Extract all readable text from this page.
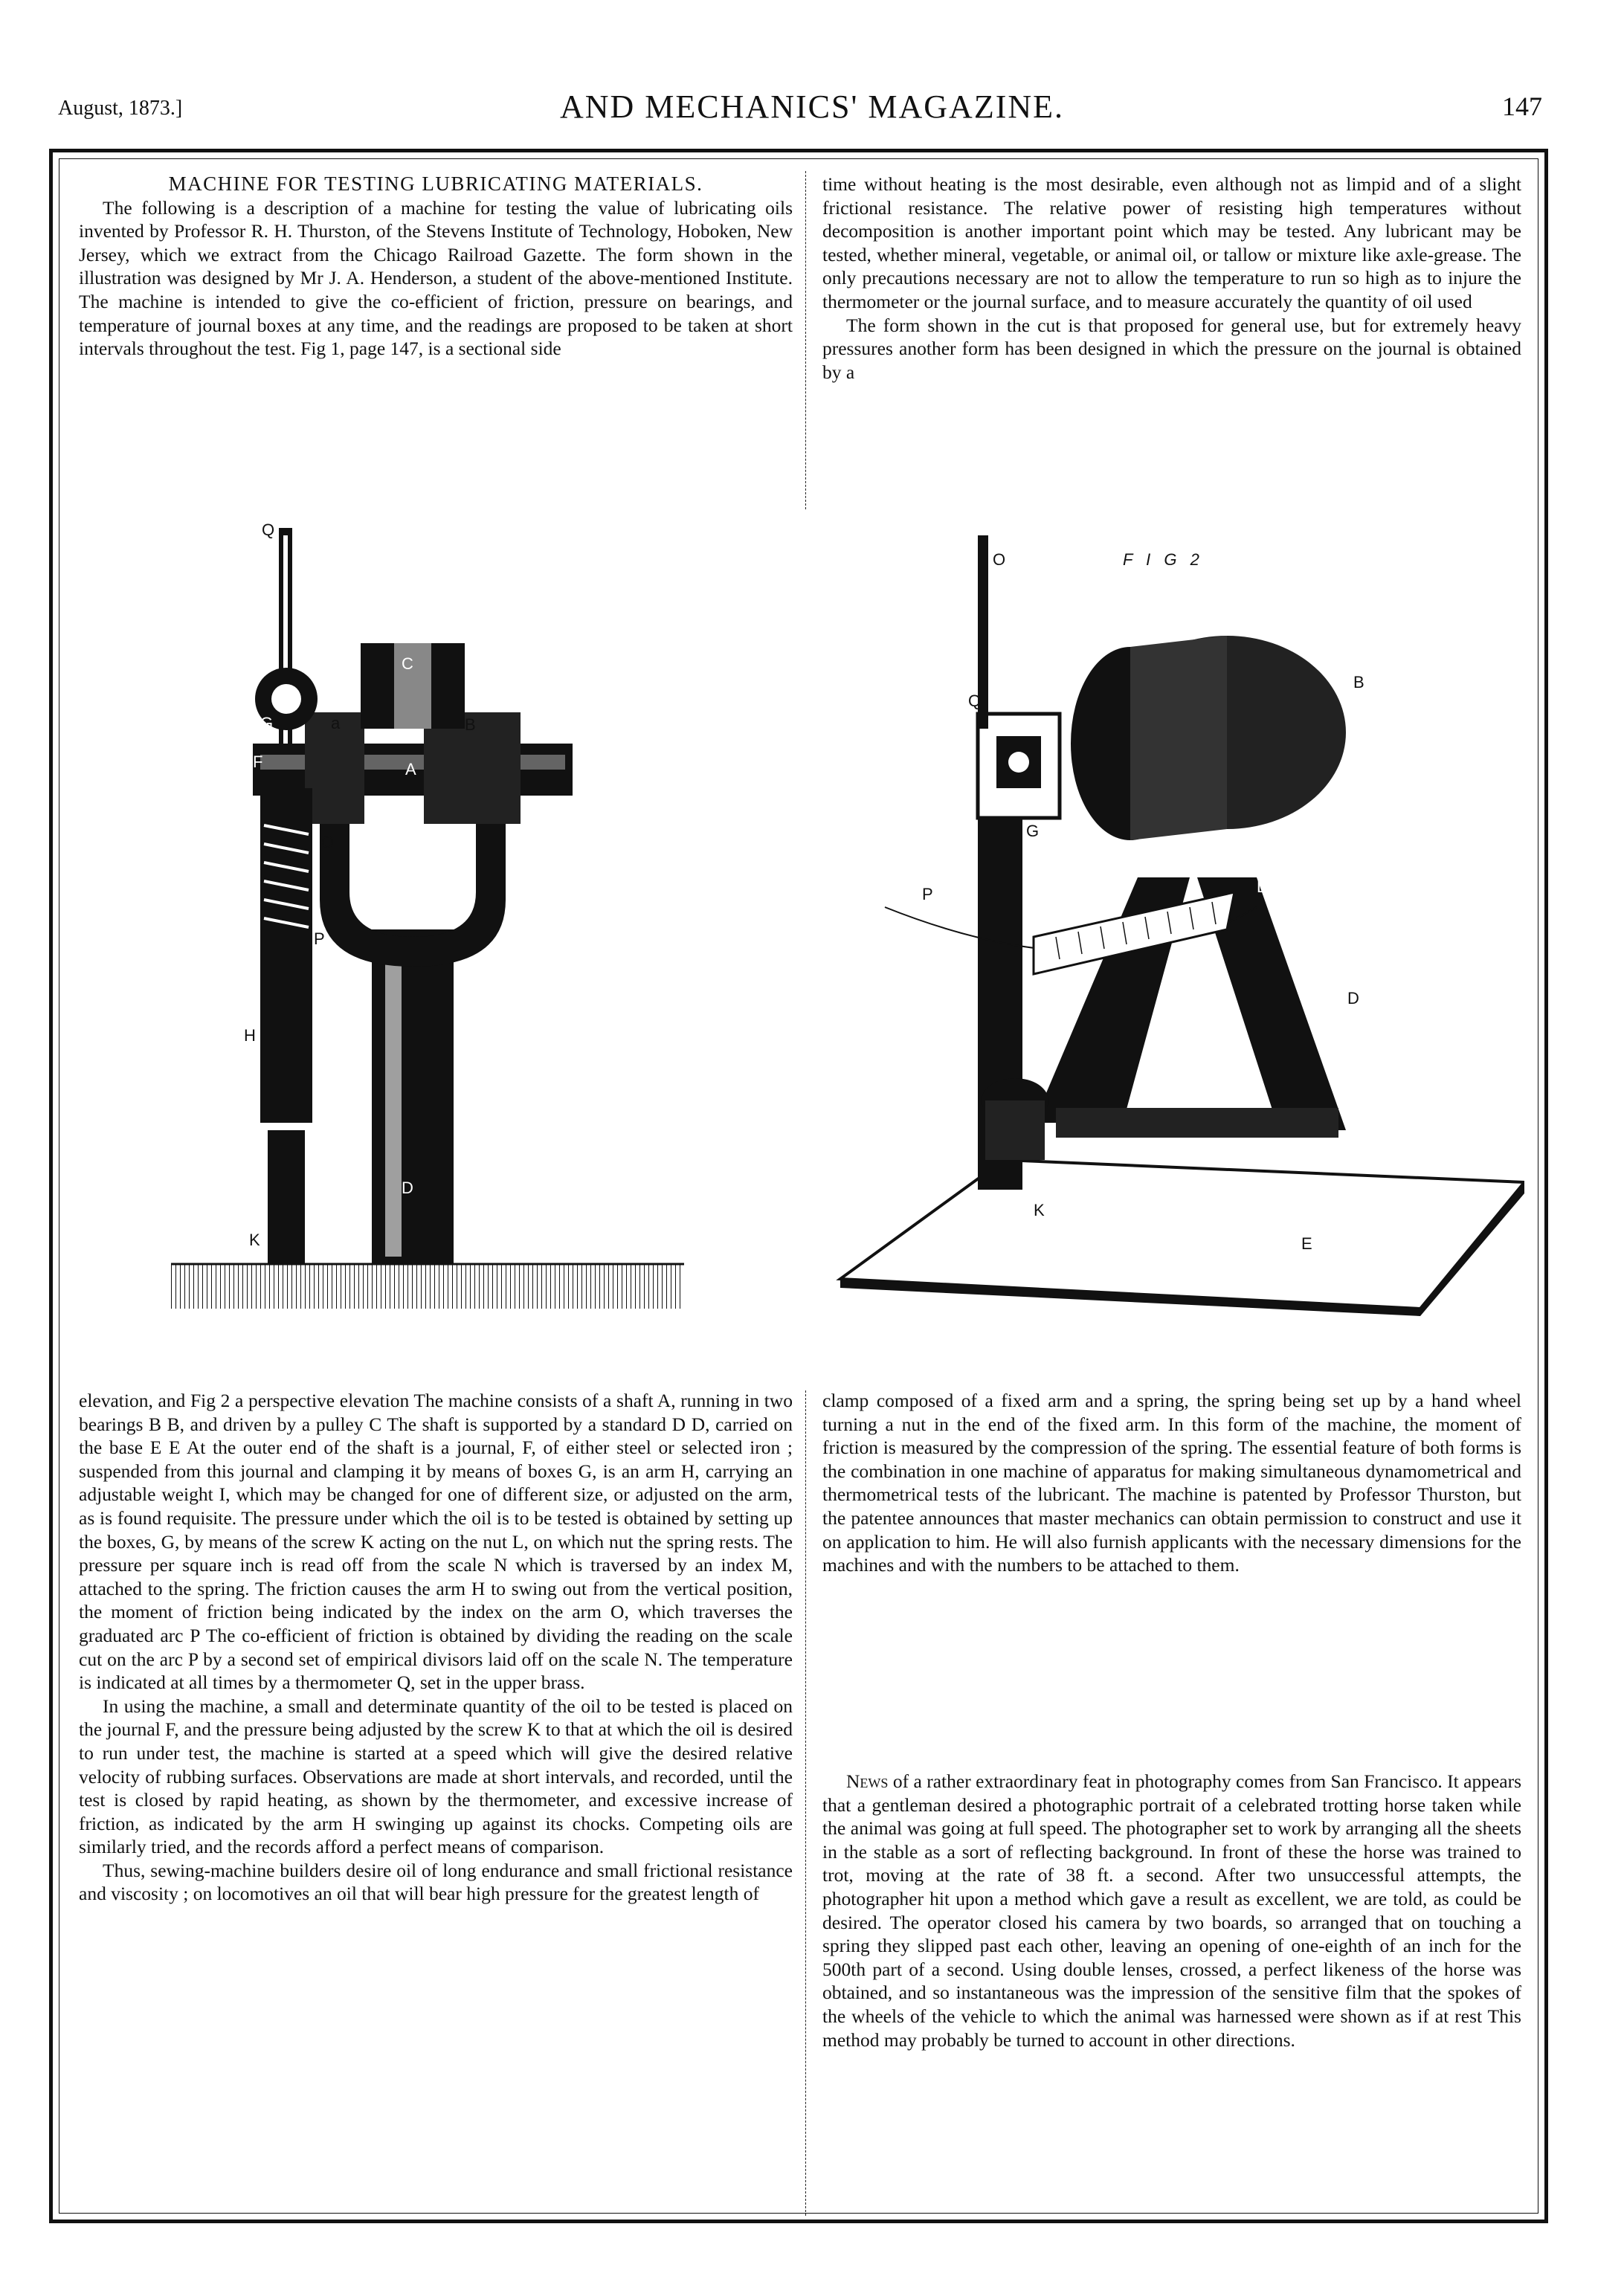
August, 1873.]	AND MECHANICS' MAGAZINE.	147

MACHINE FOR TESTING LUBRICATING MATERIALS.

The following is a description of a machine for testing the value of lubricating oils invented by Professor R. H. Thurston, of the Stevens Institute of Technology, Hoboken, New Jersey, which we extract from the Chicago Railroad Gazette. The form shown in the illustration was designed by Mr J. A. Henderson, a student of the above-mentioned Institute. The machine is intended to give the co-efficient of friction, pressure on bearings, and temperature of journal boxes at any time, and the readings are proposed to be taken at short intervals throughout the test. Fig 1, page 147, is a sectional side

time without heating is the most desirable, even although not as limpid and of a slight frictional resistance. The relative power of resisting high temperatures without decomposition is another important point which may be tested. Any lubricant may be tested, whether mineral, vegetable, or animal oil, or tallow or mixture like axle-grease. The only precautions necessary are not to allow the temperature to run so high as to injure the thermometer or the journal surface, and to measure accurately the quantity of oil used

The form shown in the cut is that proposed for general use, but for extremely heavy pressures another form has been designed in which the pressure on the journal is obtained by a

Q
C
G	a	B
F	A
O
P
H
D
K
F I G 2
Q
O
G
B
D
P
D
K
E

elevation, and Fig 2 a perspective elevation The machine consists of a shaft A, running in two bearings B B, and driven by a pulley C The shaft is supported by a standard D D, carried on the base E E At the outer end of the shaft is a journal, F, of either steel or selected iron ; suspended from this journal and clamping it by means of boxes G, is an arm H, carrying an adjustable weight I, which may be changed for one of different size, or adjusted on the arm, as is found requisite. The pressure under which the oil is to be tested is obtained by setting up the boxes, G, by means of the screw K acting on the nut L, on which nut the spring rests. The pressure per square inch is read off from the scale N which is traversed by an index M, attached to the spring. The friction causes the arm H to swing out from the vertical position, the moment of friction being indicated by the index on the arm O, which traverses the graduated arc P The co-efficient of friction is obtained by dividing the reading on the scale cut on the arc P by a second set of empirical divisors laid off on the scale N. The temperature is indicated at all times by a thermometer Q, set in the upper brass.

In using the machine, a small and determinate quantity of the oil to be tested is placed on the journal F, and the pressure being adjusted by the screw K to that at which the oil is desired to run under test, the machine is started at a speed which will give the desired relative velocity of rubbing surfaces. Observations are made at short intervals, and recorded, until the test is closed by rapid heating, as shown by the thermometer, and excessive increase of friction, as indicated by the arm H swinging up against its chocks. Competing oils are similarly tried, and the records afford a perfect means of comparison.

Thus, sewing-machine builders desire oil of long endurance and small frictional resistance and viscosity ; on locomotives an oil that will bear high pressure for the greatest length of

clamp composed of a fixed arm and a spring, the spring being set up by a hand wheel turning a nut in the end of the fixed arm. In this form of the machine, the moment of friction is measured by the compression of the spring. The essential feature of both forms is the combination in one machine of apparatus for making simultaneous dynamometrical and thermometrical tests of the lubricant. The machine is patented by Professor Thurston, but the patentee announces that master mechanics can obtain permission to construct and use it on application to him. He will also furnish applicants with the necessary dimensions for the machines and with the numbers to be attached to them.

News of a rather extraordinary feat in photography comes from San Francisco. It appears that a gentleman desired a photographic portrait of a celebrated trotting horse taken while the animal was going at full speed. The photographer set to work by arranging all the sheets in the stable as a sort of reflecting background. In front of these the horse was trained to trot, moving at the rate of 38 ft. a second. After two unsuccessful attempts, the photographer hit upon a method which gave a result as excellent, we are told, as could be desired. The operator closed his camera by two boards, so arranged that on touching a spring they slipped past each other, leaving an opening of one-eighth of an inch for the 500th part of a second. Using double lenses, crossed, a perfect likeness of the horse was obtained, and so instantaneous was the impression of the sensitive film that the spokes of the wheels of the vehicle to which the animal was harnessed were shown as if at rest This method may probably be turned to account in other directions.
